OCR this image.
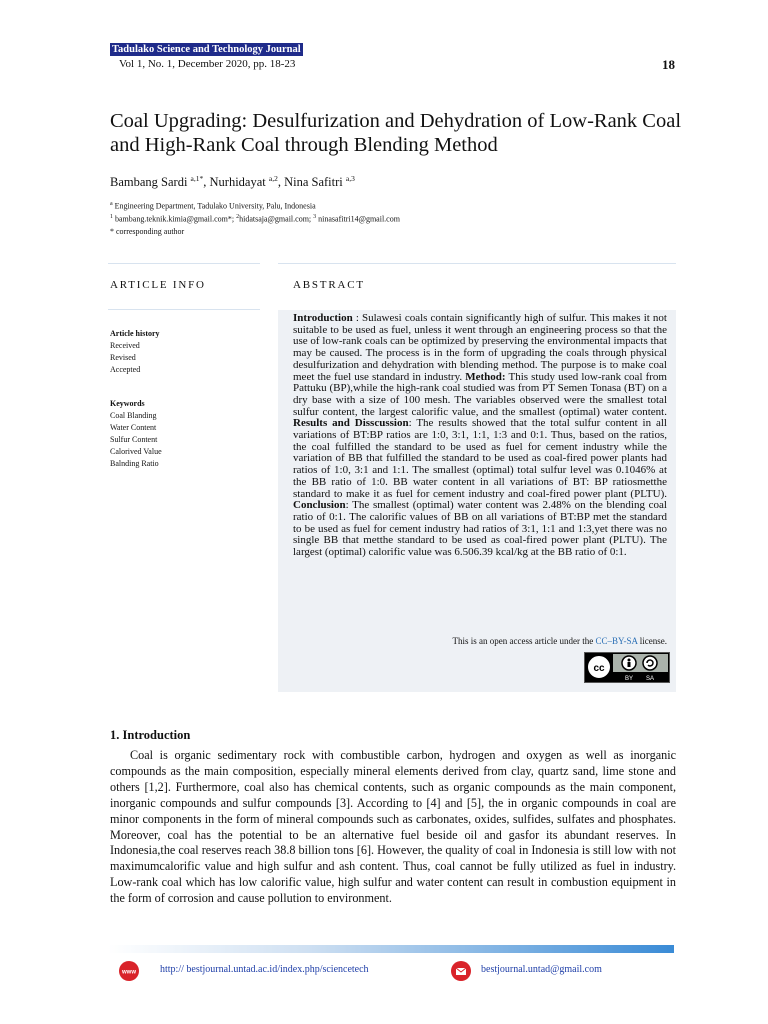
Tadulako Science and Technology Journal
Vol 1, No. 1, December 2020, pp. 18-23	18
Coal Upgrading: Desulfurization and Dehydration of Low-Rank Coal and High-Rank Coal through Blending Method
Bambang Sardi $^{a,1*}$, Nurhidayat $^{a,2}$, Nina Safitri $^{a,3}$
$^a$ Engineering Department, Tadulako University, Palu, Indonesia
$^1$ bambang.teknik.kimia@gmail.com*; $^2$hidatsaja@gmail.com; $^3$ ninasafitri14@gmail.com
* corresponding author
ARTICLE INFO	ABSTRACT
Article history
Received
Revised
Accepted
Keywords
Coal Blanding
Water Content
Sulfur Content
Calorived Value
Balnding Ratio
Introduction : Sulawesi coals contain significantly high of sulfur. This makes it not suitable to be used as fuel, unless it went through an engineering process so that the use of low-rank coals can be optimized by preserving the environmental impacts that may be caused. The process is in the form of upgrading the coals through physical desulfurization and dehydration with blending method. The purpose is to make coal meet the fuel use standard in industry. Method: This study used low-rank coal from Pattuku (BP),while the high-rank coal studied was from PT Semen Tonasa (BT) on a dry base with a size of 100 mesh. The variables observed were the smallest total sulfur content, the largest calorific value, and the smallest (optimal) water content. Results and Disscussion: The results showed that the total sulfur content in all variations of BT:BP ratios are 1:0, 3:1, 1:1, 1:3 and 0:1. Thus, based on the ratios, the coal fulfilled the standard to be used as fuel for cement industry while the variation of BB that fulfilled the standard to be used as coal-fired power plants had ratios of 1:0, 3:1 and 1:1. The smallest (optimal) total sulfur level was 0.1046% at the BB ratio of 1:0. BB water content in all variations of BT: BP ratiosmetthe standard to make it as fuel for cement industry and coal-fired power plant (PLTU). Conclusion: The smallest (optimal) water content was 2.48% on the blending coal ratio of 0:1. The calorific values of BB on all variations of BT:BP met the standard to be used as fuel for cement industry had ratios of 3:1, 1:1 and 1:3,yet there was no single BB that metthe standard to be used as coal-fired power plant (PLTU). The largest (optimal) calorific value was 6.506.39 kcal/kg at the BB ratio of 0:1.
This is an open access article under the CC–BY-SA license.
cc
BY SA
1. Introduction
Coal is organic sedimentary rock with combustible carbon, hydrogen and oxygen as well as inorganic compounds as the main composition, especially mineral elements derived from clay, quartz sand, lime stone and others [1,2]. Furthermore, coal also has chemical contents, such as organic compounds as the main component, inorganic compounds and sulfur compounds [3]. According to [4] and [5], the in organic compounds in coal are minor components in the form of mineral compounds such as carbonates, oxides, sulfides, sulfates and phosphates. Moreover, coal has the potential to be an alternative fuel beside oil and gasfor its abundant reserves. In Indonesia,the coal reserves reach 38.8 billion tons [6]. However, the quality of coal in Indonesia is still low with not maximumcalorific value and high sulfur and ash content. Thus, coal cannot be fully utilized as fuel in industry. Low-rank coal which has low calorific value, high sulfur and water content can result in combustion equipment in the form of corrosion and cause pollution to environment.
www http:// bestjournal.untad.ac.id/index.php/sciencetech	bestjournal.untad@gmail.com
